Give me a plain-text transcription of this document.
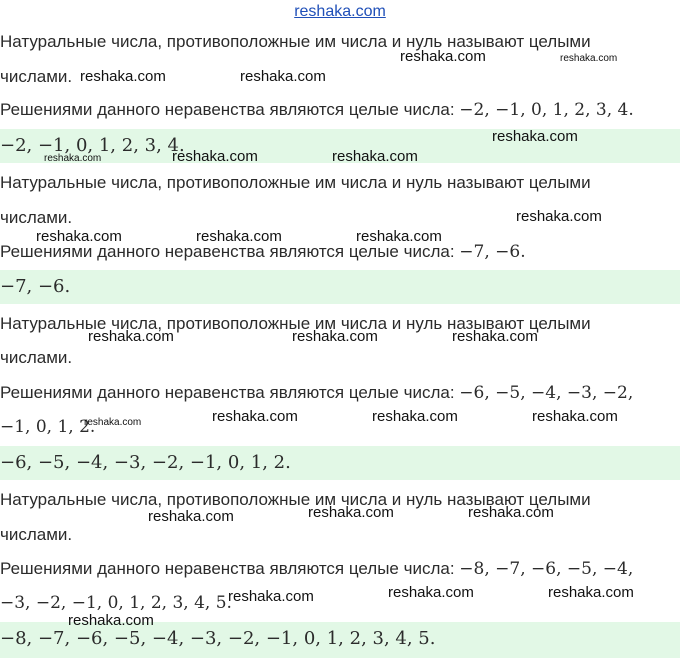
reshaka.com
Натуральные числа, противоположные им числа и нуль называют целыми
числами.
Решениями данного неравенства являются целые числа: −2, −1, 0, 1, 2, 3, 4.
−2, −1, 0, 1, 2, 3, 4.
Натуральные числа, противоположные им числа и нуль называют целыми
числами.
Решениями данного неравенства являются целые числа: −7, −6.
−7, −6.
Натуральные числа, противоположные им числа и нуль называют целыми
числами.
Решениями данного неравенства являются целые числа: −6, −5, −4, −3, −2,
−1, 0, 1, 2.
−6, −5, −4, −3, −2, −1, 0, 1, 2.
Натуральные числа, противоположные им числа и нуль называют целыми
числами.
Решениями данного неравенства являются целые числа: −8, −7, −6, −5, −4,
−3, −2, −1, 0, 1, 2, 3, 4, 5.
−8, −7, −6, −5, −4, −3, −2, −1, 0, 1, 2, 3, 4, 5.
reshaka.com	reshaka.com
reshaka.com	reshaka.com
reshaka.com
reshaka.com	reshaka.com	reshaka.com
reshaka.com
reshaka.com	reshaka.com	reshaka.com
reshaka.com	reshaka.com	reshaka.com
reshaka.com	reshaka.com	reshaka.com	reshaka.com
reshaka.com	reshaka.com	reshaka.com
reshaka.com	reshaka.com	reshaka.com
reshaka.com
